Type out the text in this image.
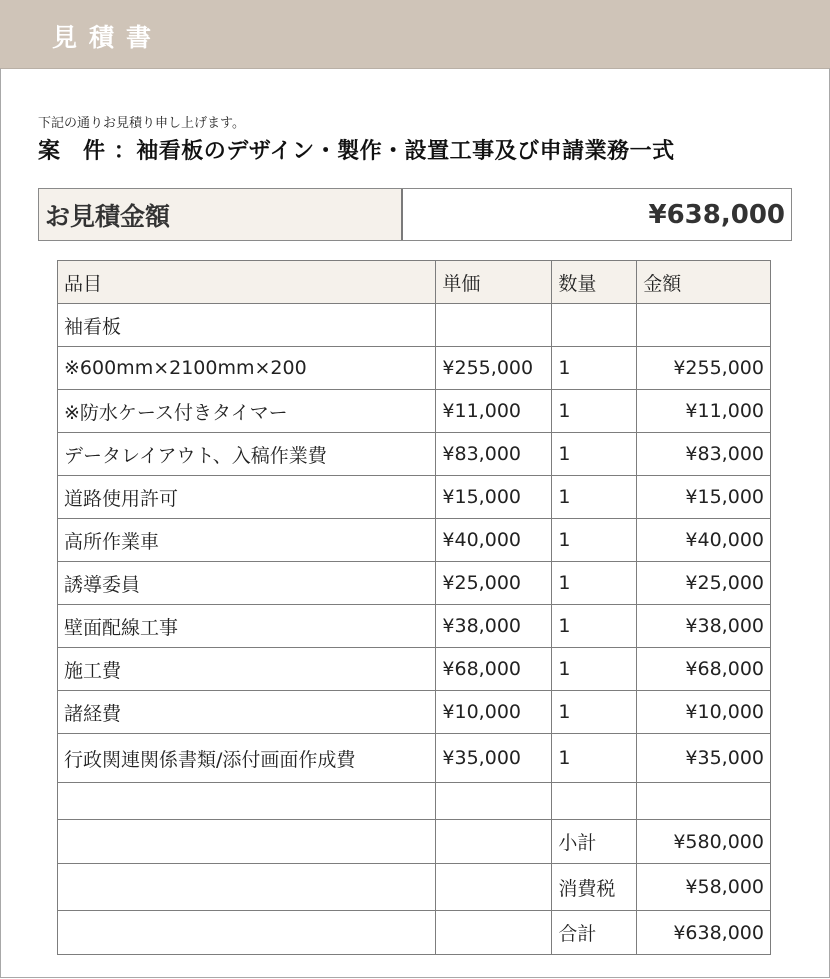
見積書
下記の通りお見積り申し上げます。
案　件 ：袖看板のデザイン・製作・設置工事及び申請業務一式
お見積金額	¥638,000
品目	単価	数量	金額
袖看板			
※600mm×2100mm×200	¥255,000	1	¥255,000
※防水ケース付きタイマー	¥11,000	1	¥11,000
データレイアウト、入稿作業費	¥83,000	1	¥83,000
道路使用許可	¥15,000	1	¥15,000
高所作業車	¥40,000	1	¥40,000
誘導委員	¥25,000	1	¥25,000
壁面配線工事	¥38,000	1	¥38,000
施工費	¥68,000	1	¥68,000
諸経費	¥10,000	1	¥10,000
行政関連関係書類/添付画面作成費	¥35,000	1	¥35,000

		小計	¥580,000
		消費税	¥58,000
		合計	¥638,000
